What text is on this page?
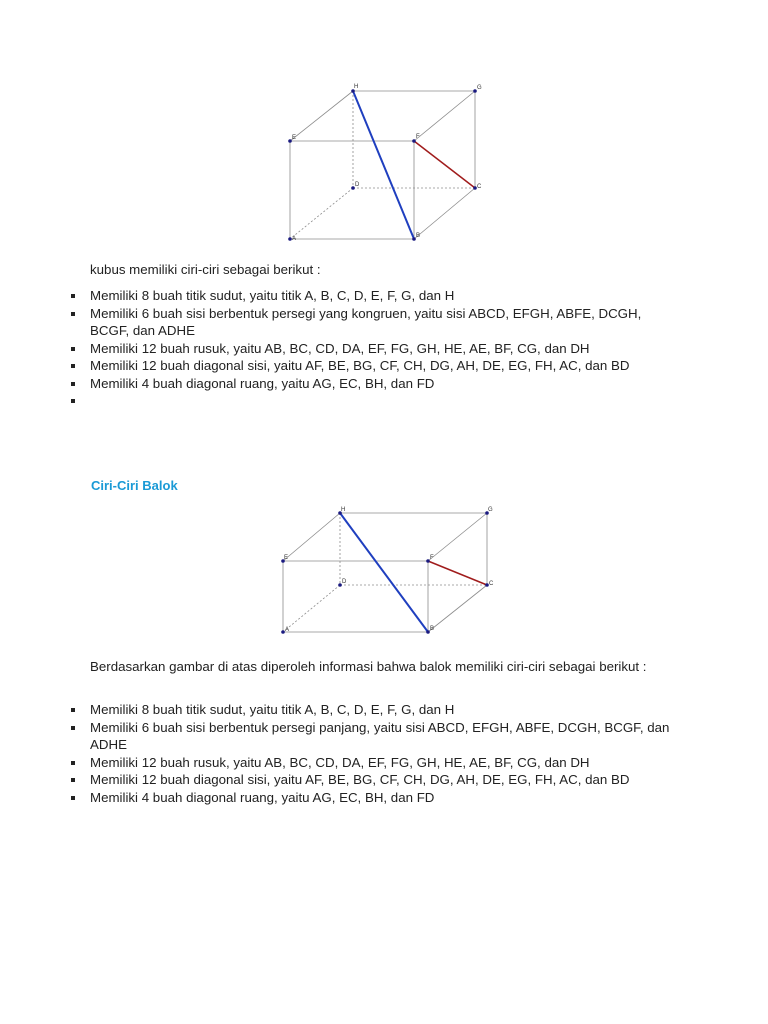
A	B
C
D
E	F
G
H

kubus memiliki ciri-ciri sebagai berikut :

Memiliki 8 buah titik sudut, yaitu titik A, B, C, D, E, F, G, dan H
Memiliki 6 buah sisi berbentuk persegi yang kongruen, yaitu sisi ABCD, EFGH, ABFE, DCGH, BCGF, dan ADHE
Memiliki 12 buah rusuk, yaitu AB, BC, CD, DA, EF, FG, GH, HE, AE, BF, CG, dan DH
Memiliki 12 buah diagonal sisi, yaitu AF, BE, BG, CF, CH, DG, AH, DE, EG, FH, AC, dan BD
Memiliki 4 buah diagonal ruang, yaitu AG, EC, BH, dan FD

Ciri-Ciri Balok

A	B
C
D
E	F
G
H

Berdasarkan gambar di atas diperoleh informasi bahwa balok memiliki ciri-ciri sebagai berikut :

Memiliki 8 buah titik sudut, yaitu titik A, B, C, D, E, F, G, dan H
Memiliki 6 buah sisi berbentuk persegi panjang, yaitu sisi ABCD, EFGH, ABFE, DCGH, BCGF, dan ADHE
Memiliki 12 buah rusuk, yaitu AB, BC, CD, DA, EF, FG, GH, HE, AE, BF, CG, dan DH
Memiliki 12 buah diagonal sisi, yaitu AF, BE, BG, CF, CH, DG, AH, DE, EG, FH, AC, dan BD
Memiliki 4 buah diagonal ruang, yaitu AG, EC, BH, dan FD
